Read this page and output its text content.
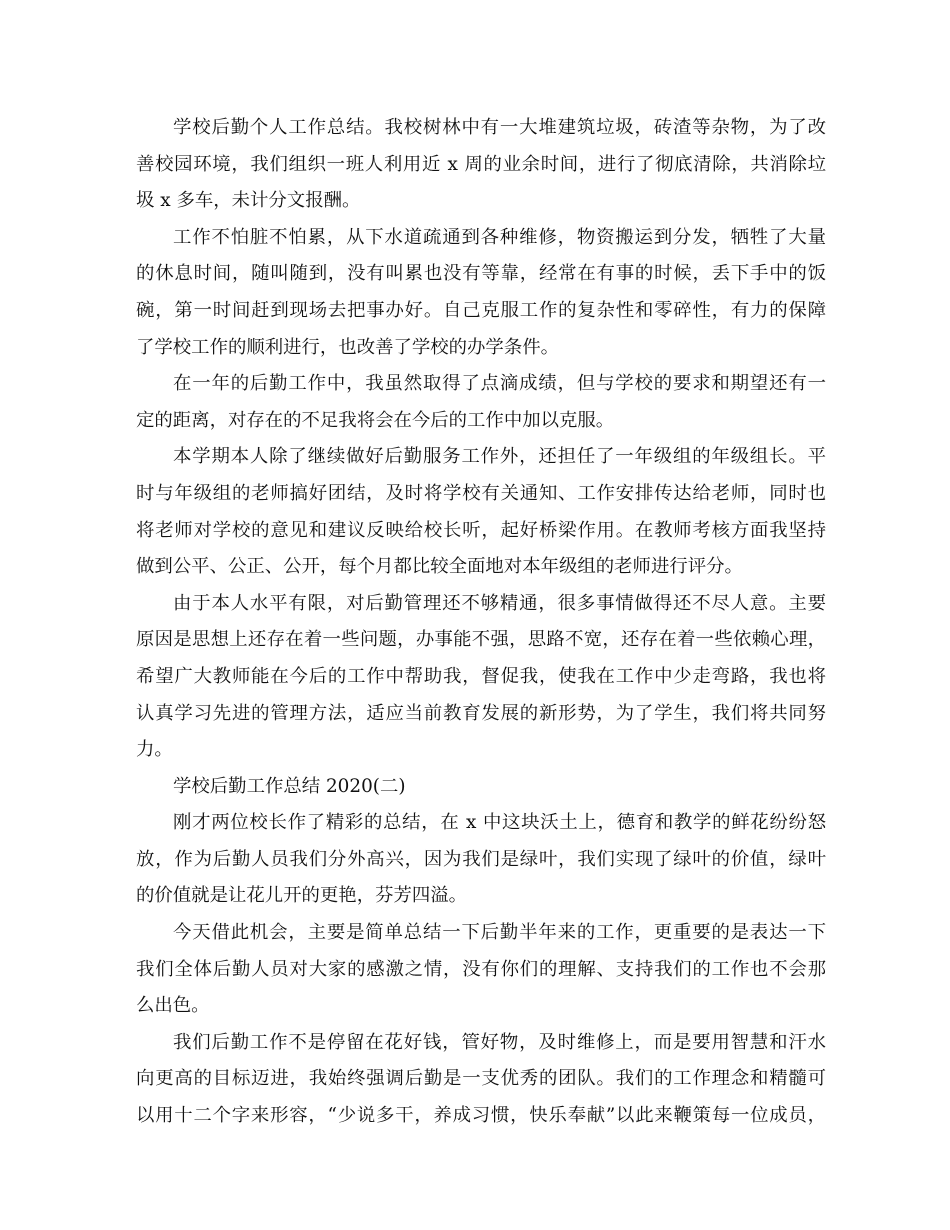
学校后勤个人工作总结。我校树林中有一大堆建筑垃圾，砖渣等杂物，为了改
善校园环境，我们组织一班人利用近 x 周的业余时间，进行了彻底清除，共消除垃
圾 x 多车，未计分文报酬。
工作不怕脏不怕累，从下水道疏通到各种维修，物资搬运到分发，牺牲了大量
的休息时间，随叫随到，没有叫累也没有等靠，经常在有事的时候，丢下手中的饭
碗，第一时间赶到现场去把事办好。自己克服工作的复杂性和零碎性，有力的保障
了学校工作的顺利进行，也改善了学校的办学条件。
在一年的后勤工作中，我虽然取得了点滴成绩，但与学校的要求和期望还有一
定的距离，对存在的不足我将会在今后的工作中加以克服。
本学期本人除了继续做好后勤服务工作外，还担任了一年级组的年级组长。平
时与年级组的老师搞好团结，及时将学校有关通知、工作安排传达给老师，同时也
将老师对学校的意见和建议反映给校长听，起好桥梁作用。在教师考核方面我坚持
做到公平、公正、公开，每个月都比较全面地对本年级组的老师进行评分。
由于本人水平有限，对后勤管理还不够精通，很多事情做得还不尽人意。主要
原因是思想上还存在着一些问题，办事能不强，思路不宽，还存在着一些依赖心理，
希望广大教师能在今后的工作中帮助我，督促我，使我在工作中少走弯路，我也将
认真学习先进的管理方法，适应当前教育发展的新形势，为了学生，我们将共同努
力。
学校后勤工作总结 2020(二)
刚才两位校长作了精彩的总结，在 x 中这块沃土上，德育和教学的鲜花纷纷怒
放，作为后勤人员我们分外高兴，因为我们是绿叶，我们实现了绿叶的价值，绿叶
的价值就是让花儿开的更艳，芬芳四溢。
今天借此机会，主要是简单总结一下后勤半年来的工作，更重要的是表达一下
我们全体后勤人员对大家的感激之情，没有你们的理解、支持我们的工作也不会那
么出色。
我们后勤工作不是停留在花好钱，管好物，及时维修上，而是要用智慧和汗水
向更高的目标迈进，我始终强调后勤是一支优秀的团队。我们的工作理念和精髓可
以用十二个字来形容，“少说多干，养成习惯，快乐奉献”以此来鞭策每一位成员，
